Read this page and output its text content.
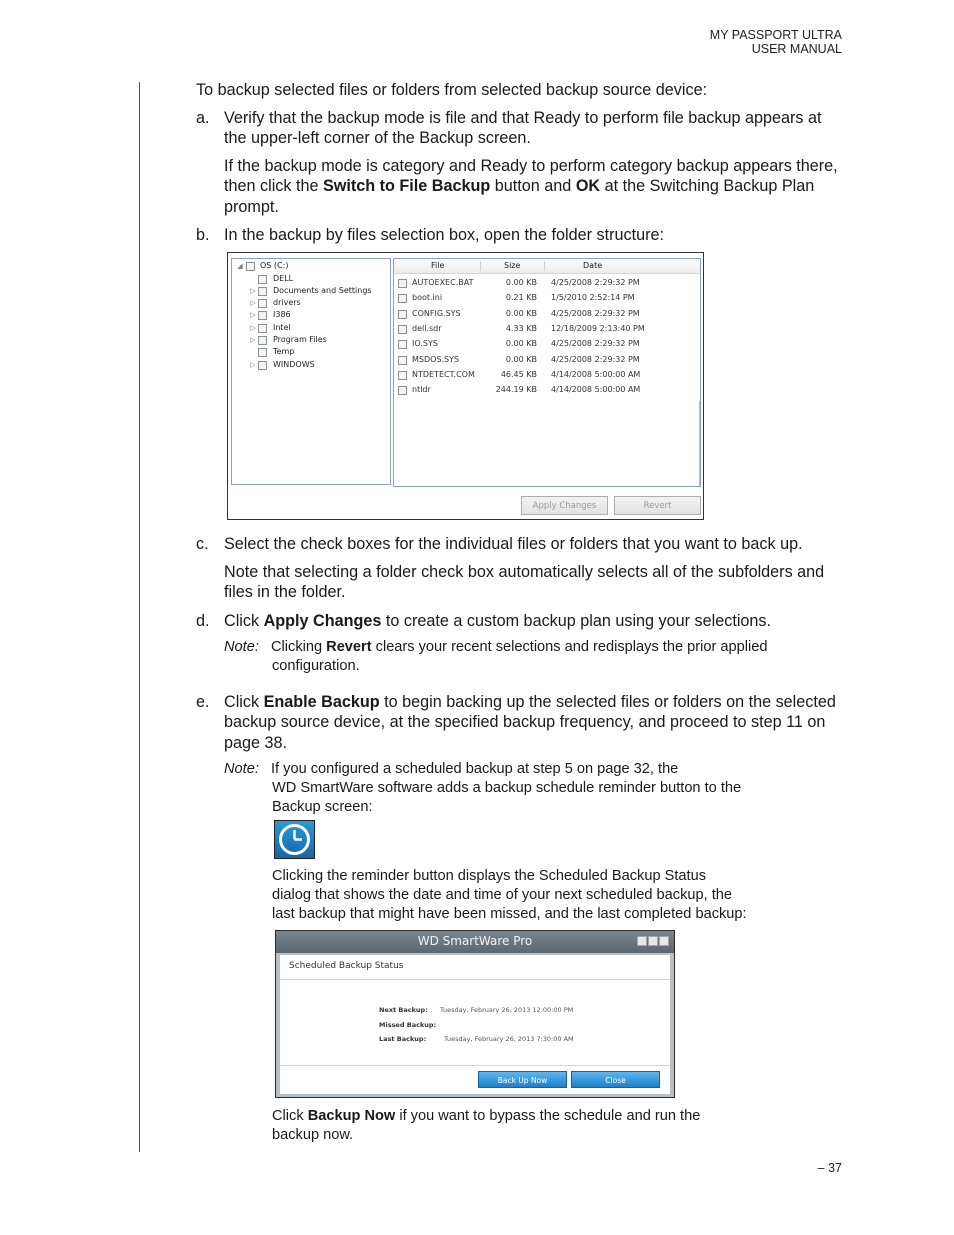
MY PASSPORT ULTRA
USER MANUAL
To backup selected files or folders from selected backup source device:
a. Verify that the backup mode is file and that Ready to perform file backup appears at the upper-left corner of the Backup screen.
If the backup mode is category and Ready to perform category backup appears there, then click the Switch to File Backup button and OK at the Switching Backup Plan prompt.
b. In the backup by files selection box, open the folder structure:
◢ OS (C:)
DELL
▷ Documents and Settings
▷ drivers
▷ I386
▷ Intel
▷ Program Files
Temp
▷ WINDOWS
File	Size	Date
AUTOEXEC.BAT	0.00 KB 4/25/2008 2:29:32 PM
boot.ini	0.21 KB 1/5/2010 2:52:14 PM
CONFIG.SYS	0.00 KB 4/25/2008 2:29:32 PM
dell.sdr	4.33 KB 12/18/2009 2:13:40 PM
IO.SYS	0.00 KB 4/25/2008 2:29:32 PM
MSDOS.SYS	0.00 KB 4/25/2008 2:29:32 PM
NTDETECT.COM	46.45 KB 4/14/2008 5:00:00 AM
ntldr	244.19 KB 4/14/2008 5:00:00 AM
Apply Changes	Revert
c. Select the check boxes for the individual files or folders that you want to back up.
Note that selecting a folder check box automatically selects all of the subfolders and files in the folder.
d. Click Apply Changes to create a custom backup plan using your selections.
Note: Clicking Revert clears your recent selections and redisplays the prior applied
configuration.
e. Click Enable Backup to begin backing up the selected files or folders on the selected backup source device, at the specified backup frequency, and proceed to step 11 on page 38.
Note: If you configured a scheduled backup at step 5 on page 32, the
WD SmartWare software adds a backup schedule reminder button to the
Backup screen:
Clicking the reminder button displays the Scheduled Backup Status
dialog that shows the date and time of your next scheduled backup, the
last backup that might have been missed, and the last completed backup:
WD SmartWare Pro
Scheduled Backup Status
Next Backup: Tuesday, February 26, 2013 12:00:00 PM
Missed Backup:
Last Backup:	Tuesday, February 26, 2013 7:30:00 AM
Back Up Now	Close
Click Backup Now if you want to bypass the schedule and run the
backup now.
– 37
